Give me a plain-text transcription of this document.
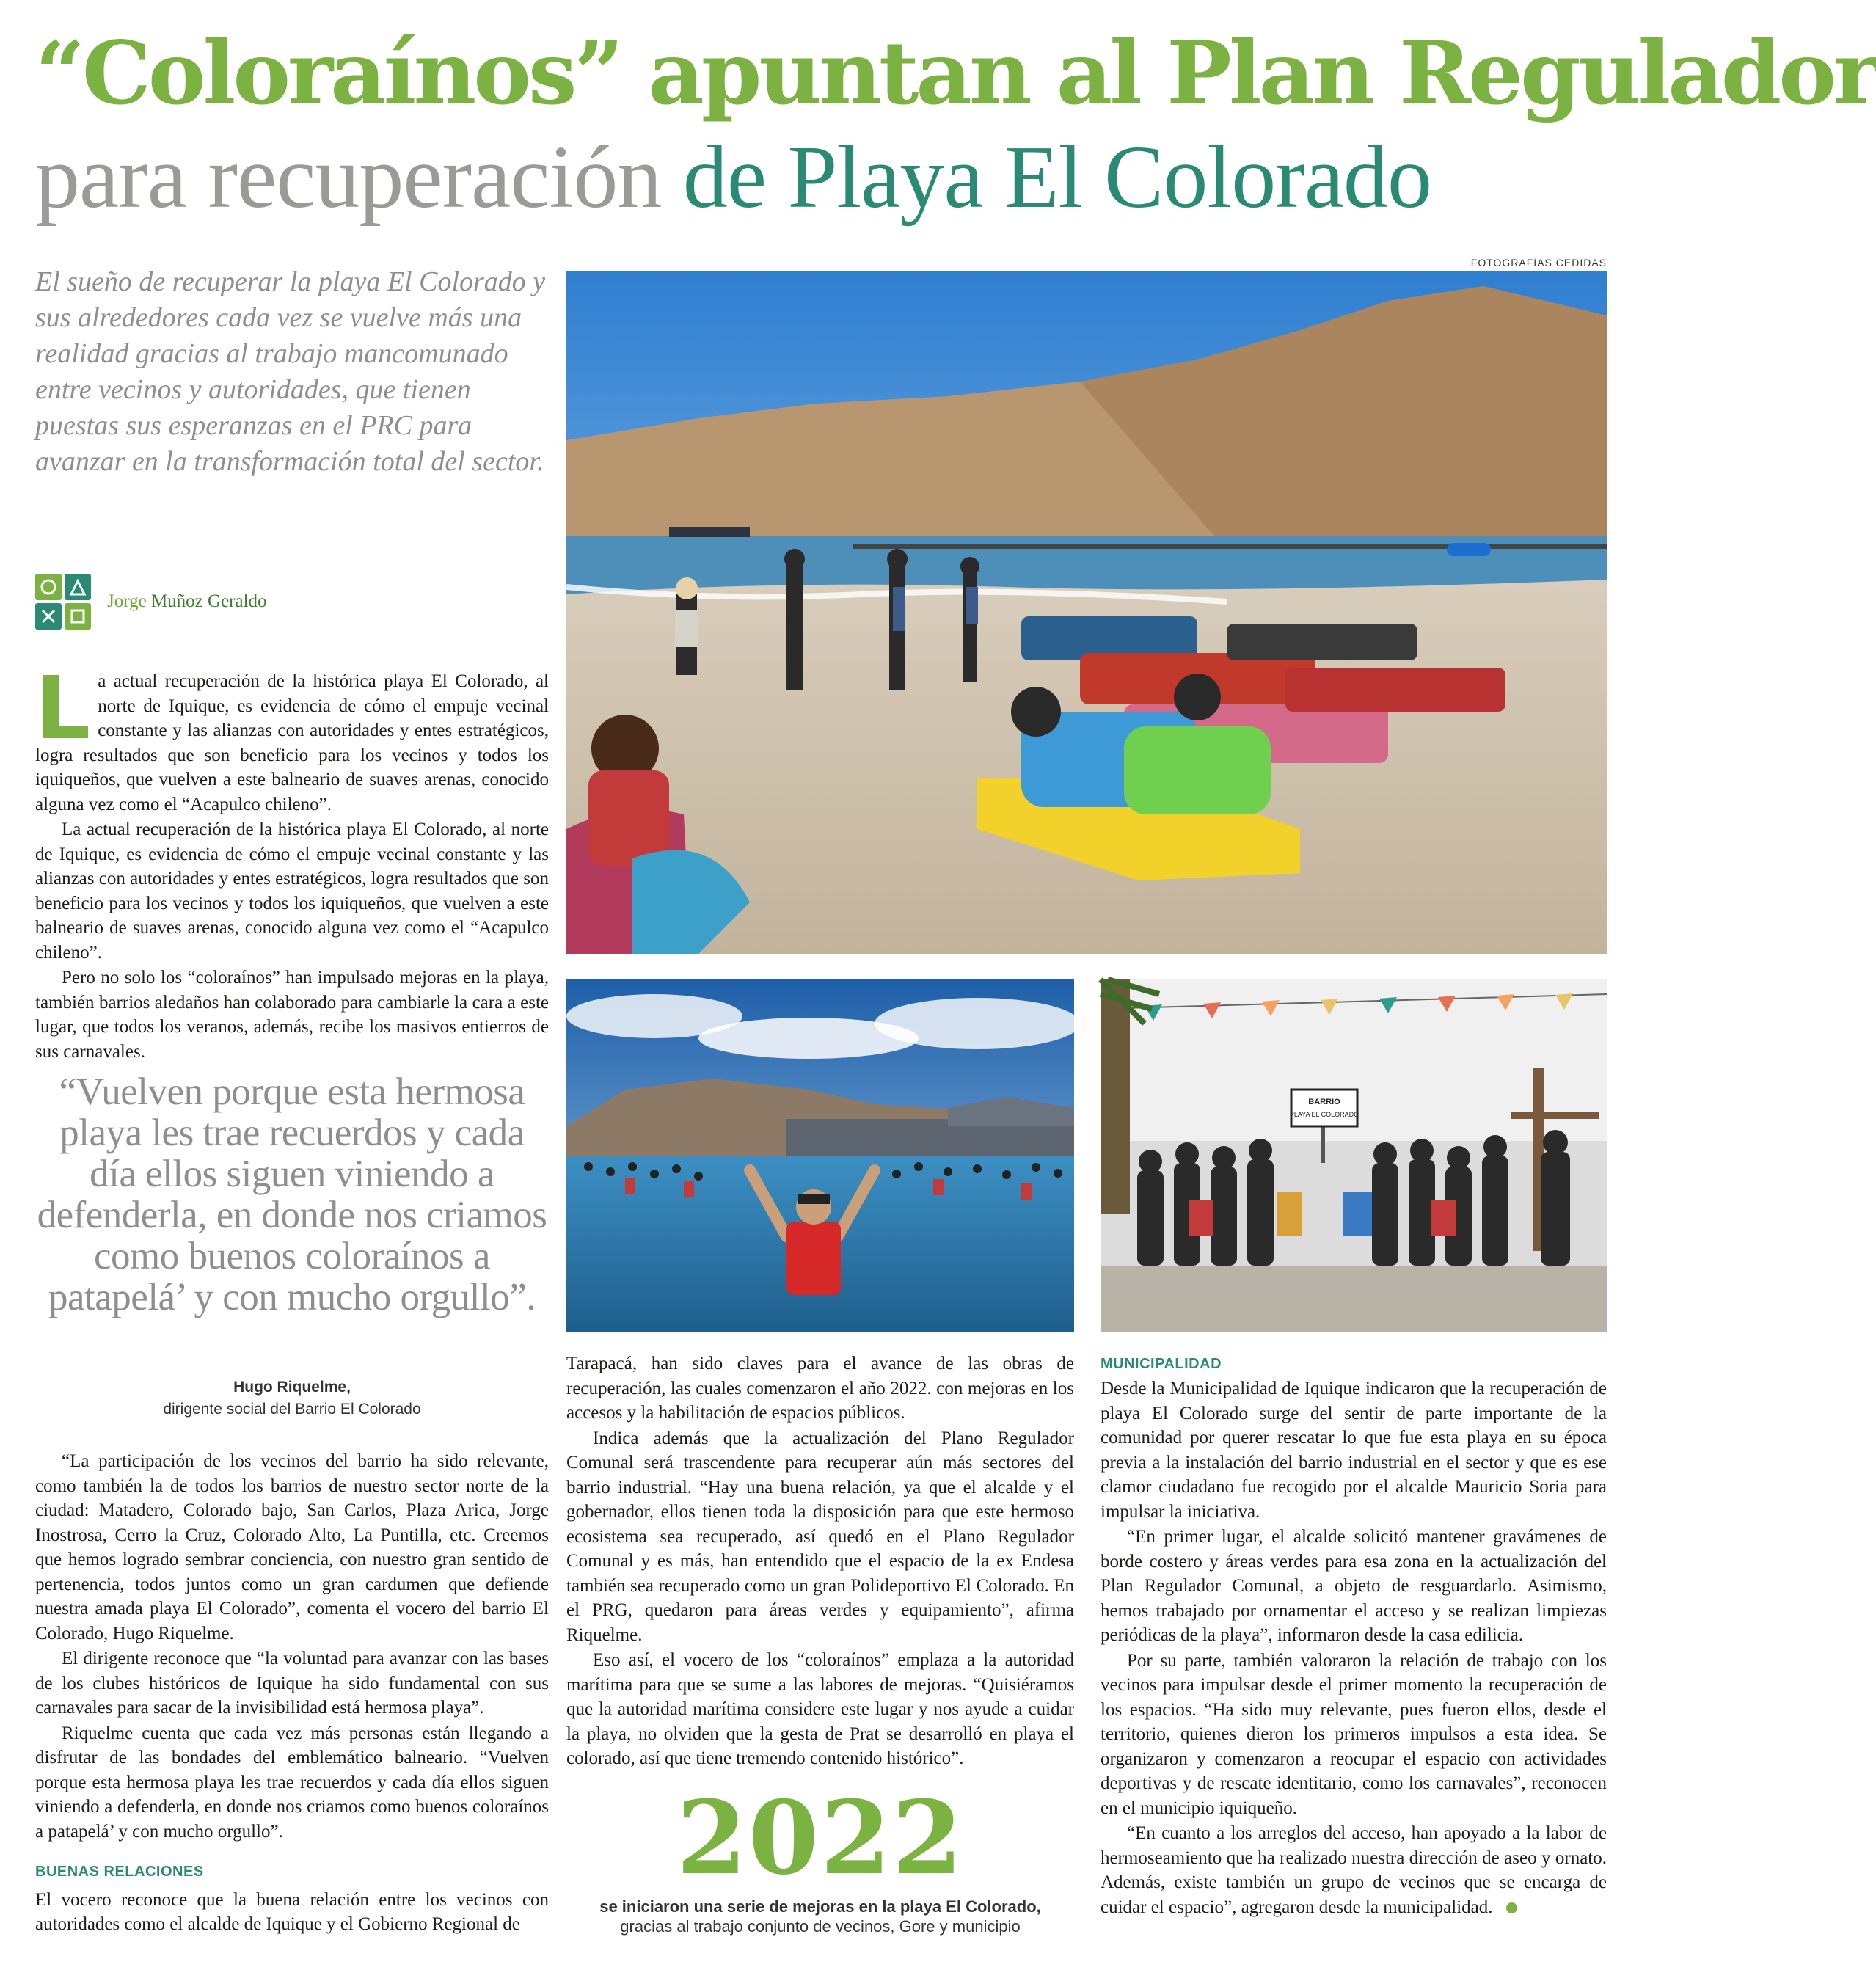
“Coloraínos” apuntan al Plan Regulador
para recuperación de Playa El Colorado

El sueño de recuperar la playa El Colorado y sus alrededores cada vez se vuelve más una realidad gracias al trabajo mancomunado entre vecinos y autoridades, que tienen puestas sus esperanzas en el PRC para avanzar en la transformación total del sector.

Jorge Muñoz Geraldo
FOTOGRAFÍAS CEDIDAS
BARRIO
PLAYA EL COLORADO

La actual recuperación de la histórica playa El Colorado, al norte de Iquique, es evidencia de cómo el empuje vecinal constante y las alianzas con autoridades y entes estratégicos, logra resultados que son beneficio para los vecinos y todos los iquiqueños, que vuelven a este balneario de suaves arenas, conocido alguna vez como el “Acapulco chileno”.

La actual recuperación de la histórica playa El Colorado, al norte de Iquique, es evidencia de cómo el empuje vecinal constante y las alianzas con autoridades y entes estratégicos, logra resultados que son beneficio para los vecinos y todos los iquiqueños, que vuelven a este balneario de suaves arenas, conocido alguna vez como el “Acapulco chileno”.

Pero no solo los “coloraínos” han impulsado mejoras en la playa, también barrios aledaños han colaborado para cambiarle la cara a este lugar, que todos los veranos, además, recibe los masivos entierros de sus carnavales.

“Vuelven porque esta hermosa playa les trae recuerdos y cada día ellos siguen viniendo a defenderla, en donde nos criamos como buenos coloraínos a patapelá’ y con mucho orgullo”.
Hugo Riquelme,
dirigente social del Barrio El Colorado

“La participación de los vecinos del barrio ha sido relevante, como también la de todos los barrios de nuestro sector norte de la ciudad: Matadero, Colorado bajo, San Carlos, Plaza Arica, Jorge Inostrosa, Cerro la Cruz, Colorado Alto, La Puntilla, etc. Creemos que hemos logrado sembrar conciencia, con nuestro gran sentido de pertenencia, todos juntos como un gran cardumen que defiende nuestra amada playa El Colorado”, comenta el vocero del barrio El Colorado, Hugo Riquelme.

El dirigente reconoce que “la voluntad para avanzar con las bases de los clubes históricos de Iquique ha sido fundamental con sus carnavales para sacar de la invisibilidad está hermosa playa”.

Riquelme cuenta que cada vez más personas están llegando a disfrutar de las bondades del emblemático balneario. “Vuelven porque esta hermosa playa les trae recuerdos y cada día ellos siguen viniendo a defenderla, en donde nos criamos como buenos coloraínos a patapelá’ y con mucho orgullo”.

BUENAS RELACIONES

El vocero reconoce que la buena relación entre los vecinos con autoridades como el alcalde de Iquique y el Gobierno Regional de

Tarapacá, han sido claves para el avance de las obras de recuperación, las cuales comenzaron el año 2022. con mejoras en los accesos y la habilitación de espacios públicos.

Indica además que la actualización del Plano Regulador Comunal será trascendente para recuperar aún más sectores del barrio industrial. “Hay una buena relación, ya que el alcalde y el gobernador, ellos tienen toda la disposición para que este hermoso ecosistema sea recuperado, así quedó en el Plano Regulador Comunal y es más, han entendido que el espacio de la ex Endesa también sea recuperado como un gran Polideportivo El Colorado. En el PRG, quedaron para áreas verdes y equipamiento”, afirma Riquelme.

Eso así, el vocero de los “coloraínos” emplaza a la autoridad marítima para que se sume a las labores de mejoras. “Quisiéramos que la autoridad marítima considere este lugar y nos ayude a cuidar la playa, no olviden que la gesta de Prat se desarrolló en playa el colorado, así que tiene tremendo contenido histórico”.

2022
se iniciaron una serie de mejoras en la playa El Colorado,
gracias al trabajo conjunto de vecinos, Gore y municipio
MUNICIPALIDAD

Desde la Municipalidad de Iquique indicaron que la recuperación de playa El Colorado surge del sentir de parte importante de la comunidad por querer rescatar lo que fue esta playa en su época previa a la instalación del barrio industrial en el sector y que es ese clamor ciudadano fue recogido por el alcalde Mauricio Soria para impulsar la iniciativa.

“En primer lugar, el alcalde solicitó mantener gravámenes de borde costero y áreas verdes para esa zona en la actualización del Plan Regulador Comunal, a objeto de resguardarlo. Asimismo, hemos trabajado por ornamentar el acceso y se realizan limpiezas periódicas de la playa”, informaron desde la casa edilicia.

Por su parte, también valoraron la relación de trabajo con los vecinos para impulsar desde el primer momento la recuperación de los espacios. “Ha sido muy relevante, pues fueron ellos, desde el territorio, quienes dieron los primeros impulsos a esta idea. Se organizaron y comenzaron a reocupar el espacio con actividades deportivas y de rescate identitario, como los carnavales”, reconocen en el municipio iquiqueño.

“En cuanto a los arreglos del acceso, han apoyado a la labor de hermoseamiento que ha realizado nuestra dirección de aseo y ornato. Además, existe también un grupo de vecinos que se encarga de cuidar el espacio”, agregaron desde la municipalidad.
